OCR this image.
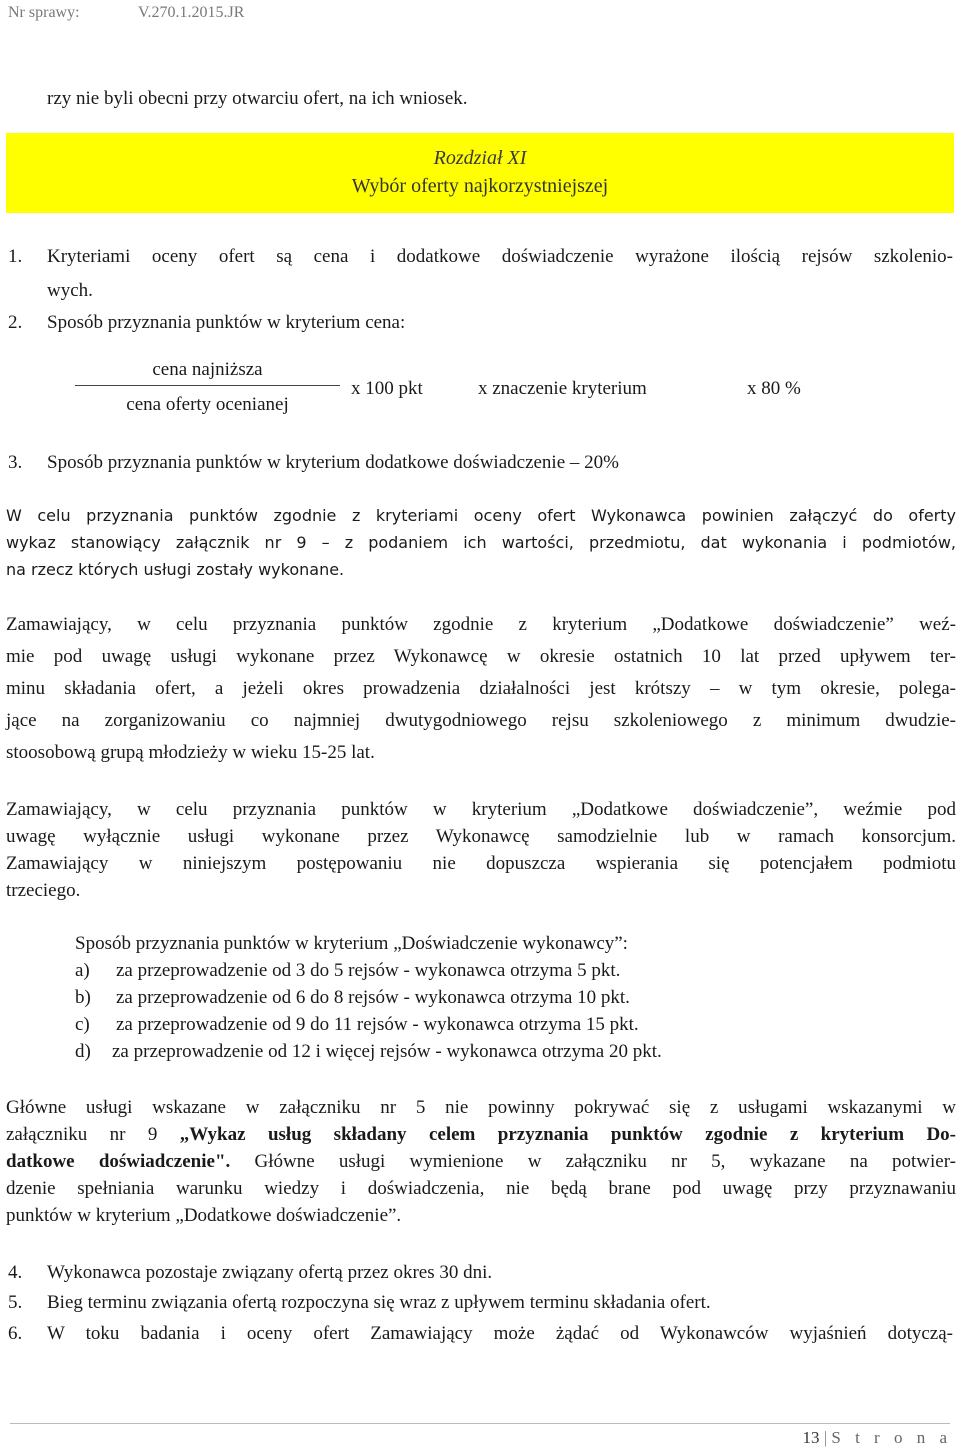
Nr sprawy:	V.270.1.2015.JR
rzy nie byli obecni przy otwarciu ofert, na ich wniosek.
Rozdział XI
Wybór oferty najkorzystniejszej
1. Kryteriami oceny ofert są cena i dodatkowe doświadczenie wyrażone ilością rejsów szkolenio-
wych.
2. Sposób przyznania punktów w kryterium cena:
cena najniższa
cena oferty ocenianej
x 100 pkt	x znaczenie kryterium	x 80 %
3. Sposób przyznania punktów w kryterium dodatkowe doświadczenie – 20%
W celu przyznania punktów zgodnie z kryteriami oceny ofert Wykonawca powinien załączyć do oferty
wykaz stanowiący załącznik nr 9 – z podaniem ich wartości, przedmiotu, dat wykonania i podmiotów,
na rzecz których usługi zostały wykonane.
Zamawiający, w celu przyznania punktów zgodnie z kryterium „Dodatkowe doświadczenie” weź-
mie pod uwagę usługi wykonane przez Wykonawcę w okresie ostatnich 10 lat przed upływem ter-
minu składania ofert, a jeżeli okres prowadzenia działalności jest krótszy – w tym okresie, polega-
jące na zorganizowaniu co najmniej dwutygodniowego rejsu szkoleniowego z minimum dwudzie-
stoosobową grupą młodzieży w wieku 15-25 lat.
Zamawiający, w celu przyznania punktów w kryterium „Dodatkowe doświadczenie”, weźmie pod
uwagę wyłącznie usługi wykonane przez Wykonawcę samodzielnie lub w ramach konsorcjum.
Zamawiający w niniejszym postępowaniu nie dopuszcza wspierania się potencjałem podmiotu
trzeciego.
Sposób przyznania punktów w kryterium „Doświadczenie wykonawcy”:
a) za przeprowadzenie od 3 do 5 rejsów - wykonawca otrzyma 5 pkt.
b) za przeprowadzenie od 6 do 8 rejsów - wykonawca otrzyma 10 pkt.
c) za przeprowadzenie od 9 do 11 rejsów - wykonawca otrzyma 15 pkt.
d) za przeprowadzenie od 12 i więcej rejsów - wykonawca otrzyma 20 pkt.
Główne usługi wskazane w załączniku nr 5 nie powinny pokrywać się z usługami wskazanymi w
załączniku nr 9 „Wykaz usług składany celem przyznania punktów zgodnie z kryterium Do-
datkowe doświadczenie". Główne usługi wymienione w załączniku nr 5, wykazane na potwier-
dzenie spełniania warunku wiedzy i doświadczenia, nie będą brane pod uwagę przy przyznawaniu
punktów w kryterium „Dodatkowe doświadczenie”.
4. Wykonawca pozostaje związany ofertą przez okres 30 dni.
5. Bieg terminu związania ofertą rozpoczyna się wraz z upływem terminu składania ofert.
6. W toku badania i oceny ofert Zamawiający może żądać od Wykonawców wyjaśnień dotyczą-
13 | S t r o n a
